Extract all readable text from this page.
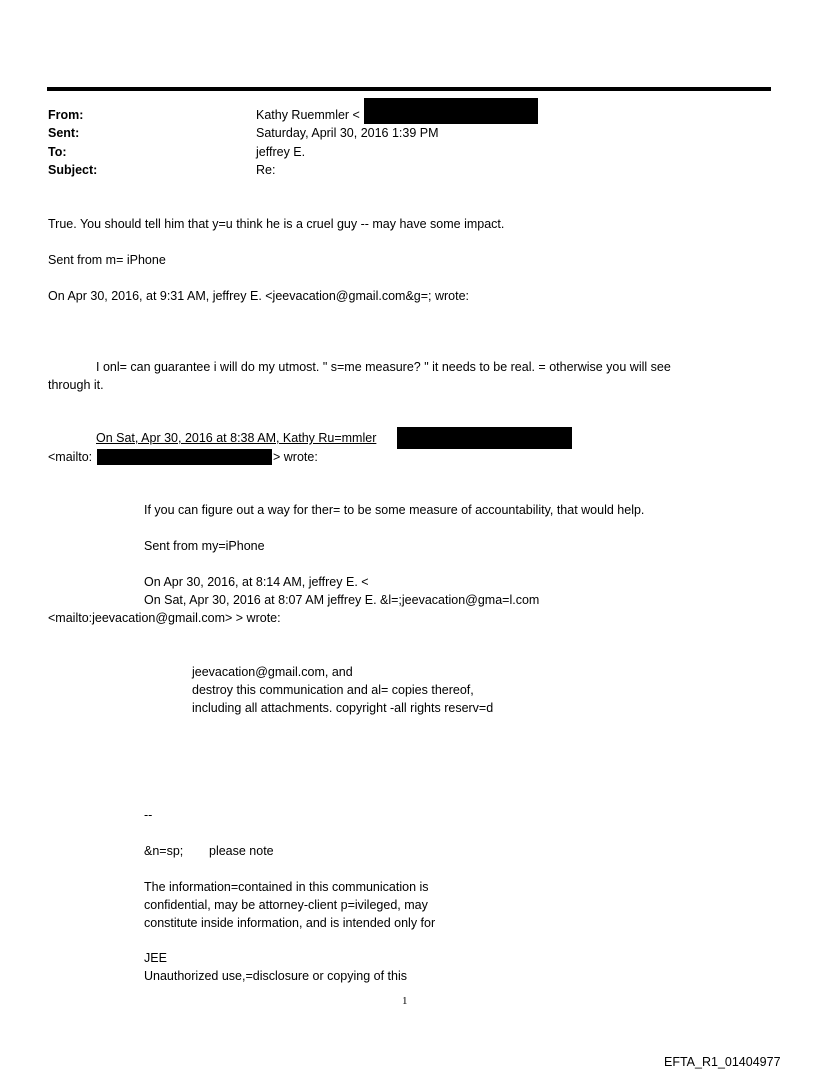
From:	Kathy Ruemmler <
Sent:	Saturday, April 30, 2016 1:39 PM
To:	jeffrey E.
Subject:	Re:
True. You should tell him that y=u think he is a cruel guy -- may have some impact.
Sent from m= iPhone
On Apr 30, 2016, at 9:31 AM, jeffrey E. <jeevacation@gmail.com&g=; wrote:
I onl= can guarantee i will do my utmost. " s=me measure? " it needs to be real. = otherwise you will see
through it.
On Sat, Apr 30, 2016 at 8:38 AM, Kathy Ru=mmler
<mailto:	> wrote:
If you can figure out a way for ther= to be some measure of accountability, that would help.
Sent from my=iPhone
On Apr 30, 2016, at 8:14 AM, jeffrey E. <
On Sat, Apr 30, 2016 at 8:07 AM jeffrey E. &l=;jeevacation@gma=l.com
<mailto:jeevacation@gmail.com> > wrote:
jeevacation@gmail.com, and
destroy this communication and al= copies thereof,
including all attachments. copyright -all rights reserv=d
--
&n=sp; please note
The information=contained in this communication is
confidential, may be attorney-client p=ivileged, may
constitute inside information, and is intended only for
JEE
Unauthorized use,=disclosure or copying of this
1
EFTA_R1_01404977
